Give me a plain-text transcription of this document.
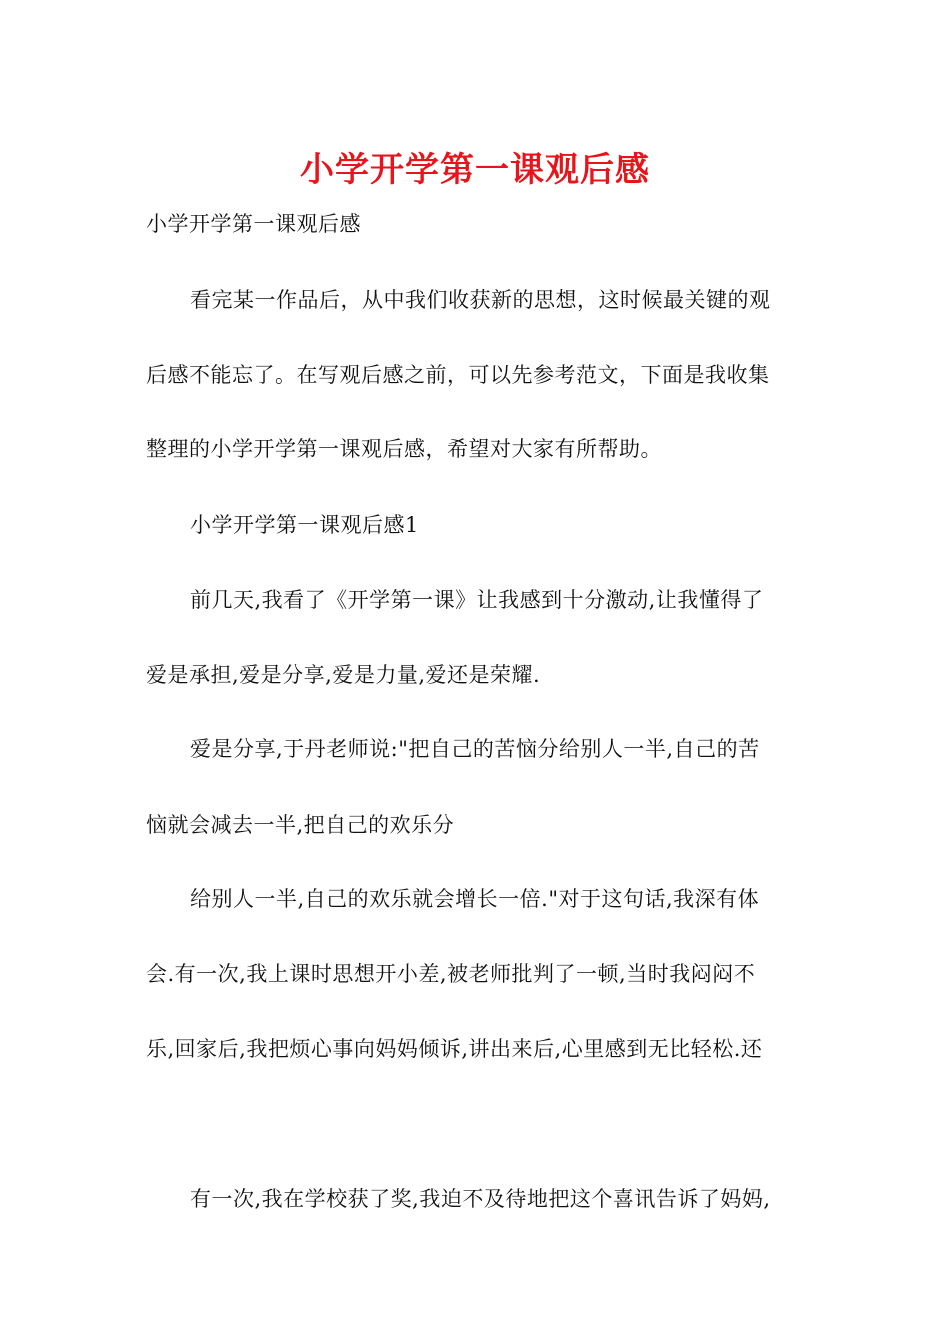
小学开学第一课观后感
小学开学第一课观后感
看完某一作品后，从中我们收获新的思想，这时候最关键的观
后感不能忘了。在写观后感之前，可以先参考范文，下面是我收集
整理的小学开学第一课观后感，希望对大家有所帮助。
小学开学第一课观后感1
前几天,我看了《开学第一课》让我感到十分激动,让我懂得了
爱是承担,爱是分享,爱是力量,爱还是荣耀.
爱是分享,于丹老师说:"把自己的苦恼分给别人一半,自己的苦
恼就会减去一半,把自己的欢乐分
给别人一半,自己的欢乐就会增长一倍."对于这句话,我深有体
会.有一次,我上课时思想开小差,被老师批判了一顿,当时我闷闷不
乐,回家后,我把烦心事向妈妈倾诉,讲出来后,心里感到无比轻松.还
有一次,我在学校获了奖,我迫不及待地把这个喜讯告诉了妈妈,
